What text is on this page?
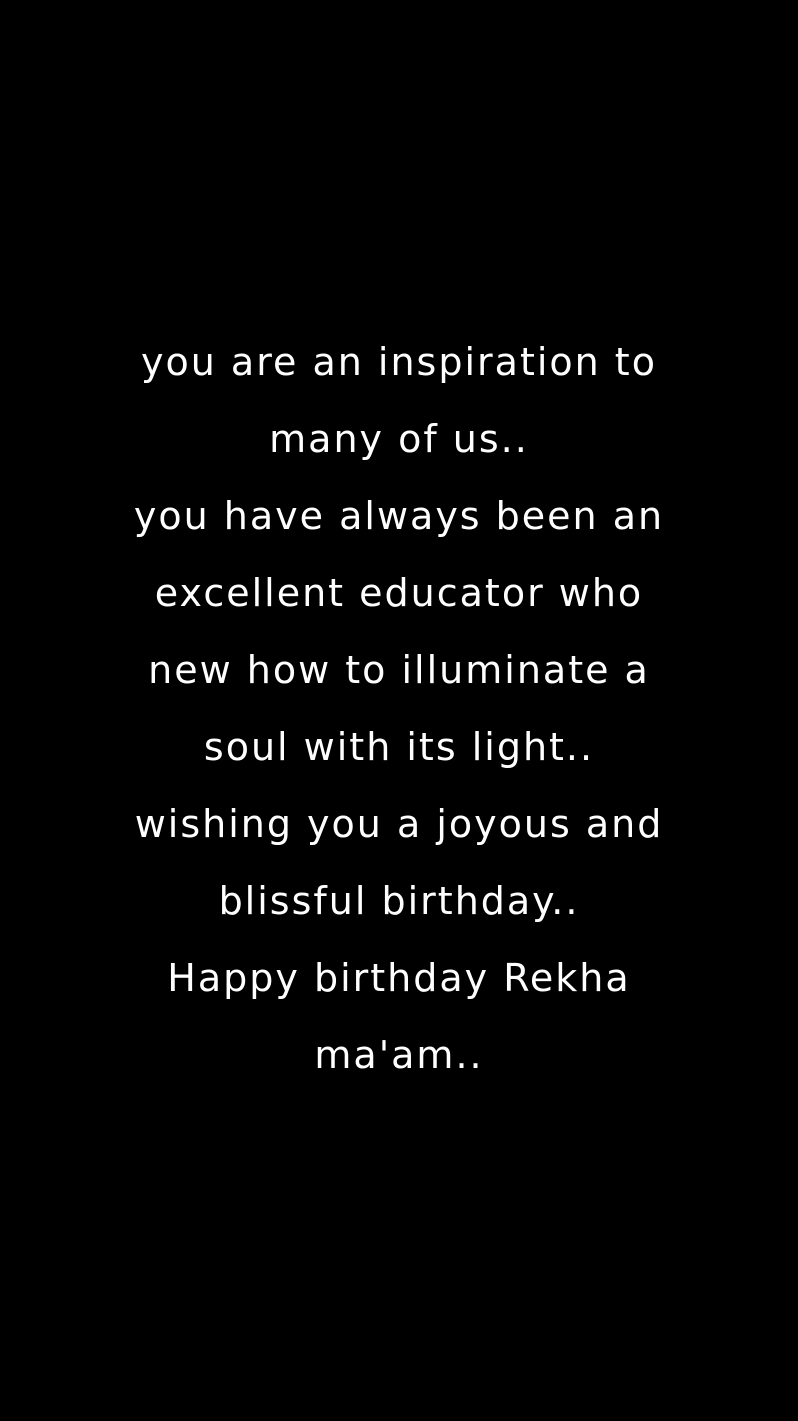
you are an inspiration to
many of us..
you have always been an
excellent educator who
new how to illuminate a
soul with its light..
wishing you a joyous and
blissful birthday..
Happy birthday Rekha
ma'am..
